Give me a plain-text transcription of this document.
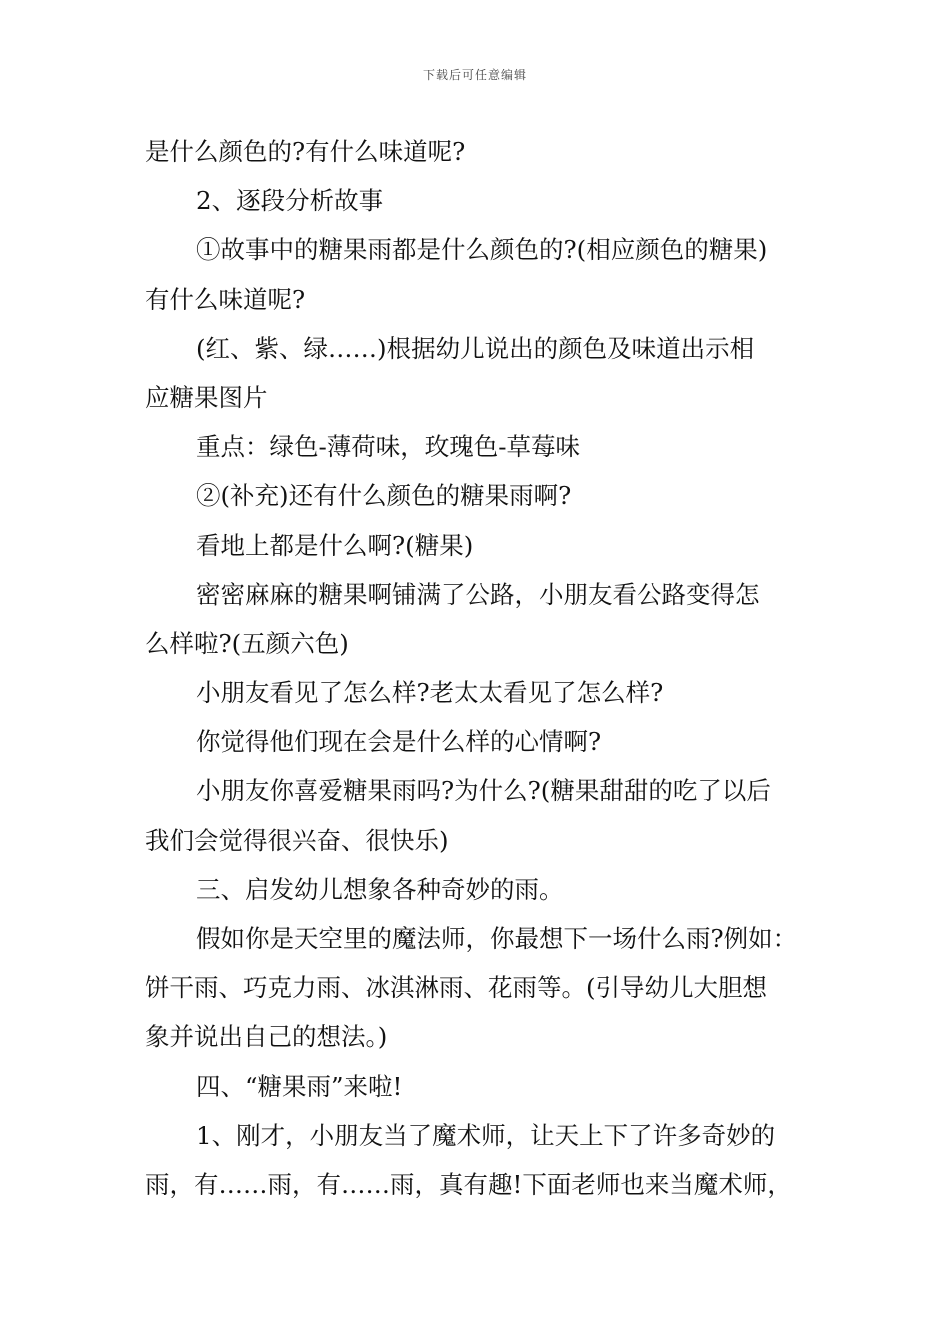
下载后可任意编辑
是什么颜色的?有什么味道呢?
2、逐段分析故事
①故事中的糖果雨都是什么颜色的?(相应颜色的糖果)
有什么味道呢?
(红、紫、绿……)根据幼儿说出的颜色及味道出示相
应糖果图片
重点：绿色-薄荷味，玫瑰色-草莓味
②(补充)还有什么颜色的糖果雨啊?
看地上都是什么啊?(糖果)
密密麻麻的糖果啊铺满了公路，小朋友看公路变得怎
么样啦?(五颜六色)
小朋友看见了怎么样?老太太看见了怎么样?
你觉得他们现在会是什么样的心情啊?
小朋友你喜爱糖果雨吗?为什么?(糖果甜甜的吃了以后
我们会觉得很兴奋、很快乐)
三、启发幼儿想象各种奇妙的雨。
假如你是天空里的魔法师，你最想下一场什么雨?例如：
饼干雨、巧克力雨、冰淇淋雨、花雨等。(引导幼儿大胆想
象并说出自己的想法。)
四、“糖果雨”来啦!
1、刚才，小朋友当了魔术师，让天上下了许多奇妙的
雨，有……雨，有……雨，真有趣!下面老师也来当魔术师，
